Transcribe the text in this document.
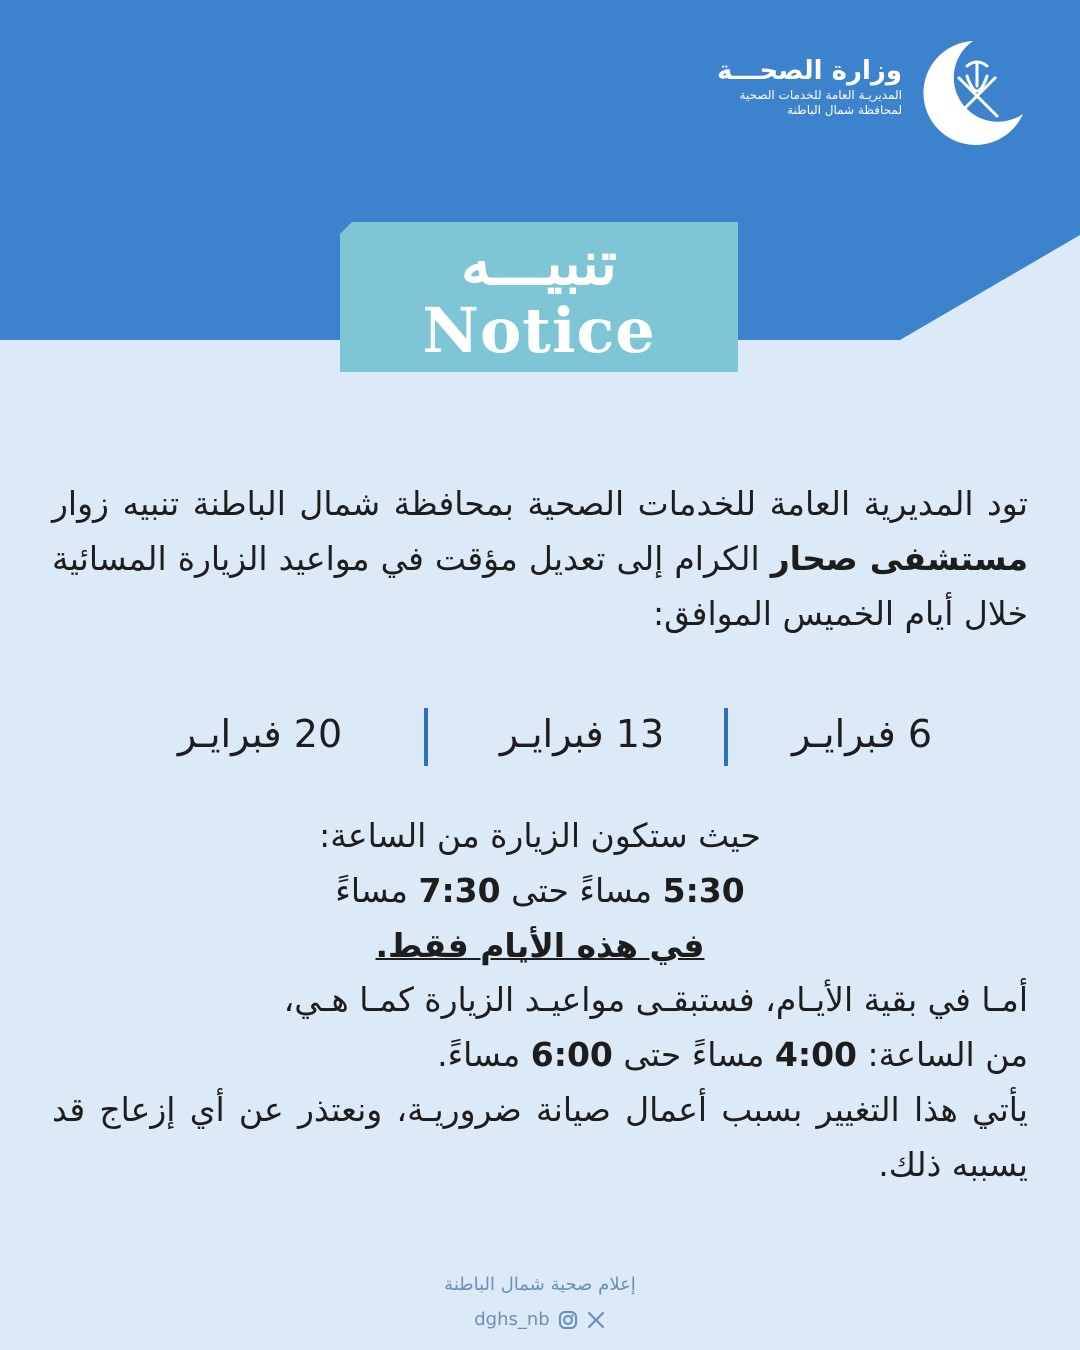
وزارة الصحـــة
المديريـة العامة للخدمات الصحية
لمحافظة شمال الباطنة
تنبيـــه
Notice
تود المديرية العامة للخدمات الصحية بمحافظة شمال الباطنة تنبيه زوار مستشفى صحار الكرام إلى تعديل مؤقت في مواعيد الزيارة المسائية خلال أيام الخميس الموافق:
6 فبرايـر
13 فبرايـر
20 فبرايـر
حيث ستكون الزيارة من الساعة:
5:30 مساءً حتى 7:30 مساءً
في هذه الأيام فقط.
أمـا في بقية الأيـام، فستبقـى مواعيـد الزيارة كمـا هـي،
من الساعة: 4:00 مساءً حتى 6:00 مساءً.
يأتي هذا التغيير بسبب أعمال صيانة ضروريـة، ونعتذر عن أي إزعاج قد يسببه ذلك.
إعلام صحية شمال الباطنة
dghs_nb
